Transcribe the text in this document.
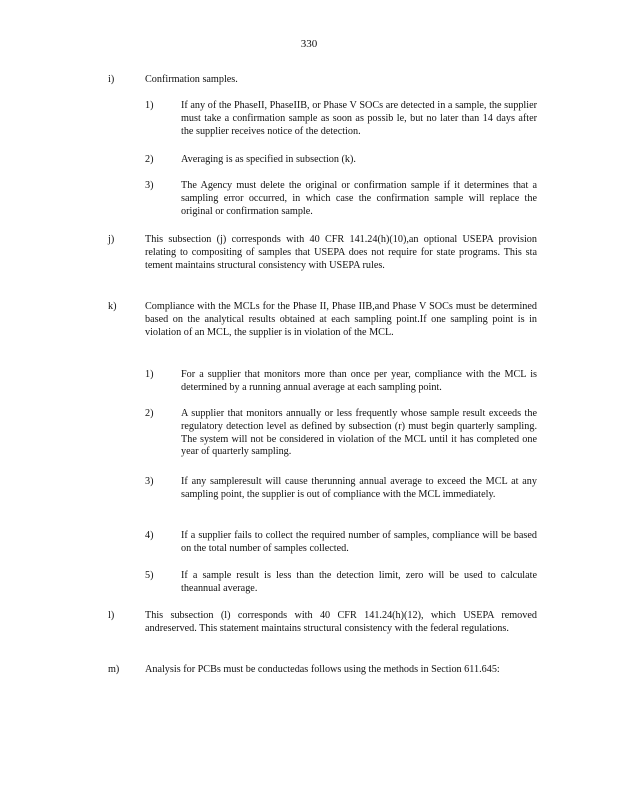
330
i)	Confirmation samples.
1)	If any of the PhaseII, PhaseIIB, or Phase V SOCs are detected in a sample, the supplier must take a confirmation sample as soon as possib le, but no later than 14 days after the supplier receives notice of the detection.
2)	Averaging is as specified in subsection (k).
3)	The Agency must delete the original or confirmation sample if it determines that a sampling error occurred, in which case the confirmation sample will replace the original or confirmation sample.
j)	This subsection (j) corresponds with 40 CFR 141.24(h)(10),an optional USEPA provision relating to compositing of samples that USEPA does not require for state programs. This sta tement maintains structural consistency with USEPA rules.
k)	Compliance with the MCLs for the Phase II, Phase IIB,and Phase V SOCs must be determined based on the analytical results obtained at each sampling point.If one sampling point is in violation of an MCL, the supplier is in violation of the MCL.
1)	For a supplier that monitors more than once per year, compliance with the MCL is determined by a running annual average at each sampling point.
2)	A supplier that monitors annually or less frequently whose sample result exceeds the regulatory detection level as defined by subsection (r) must begin quarterly sampling. The system will not be considered in violation of the MCL until it has completed one year of quarterly sampling.
3)	If any sampleresult will cause therunning annual average to exceed the MCL at any sampling point, the supplier is out of compliance with the MCL immediately.
4)	If a supplier fails to collect the required number of samples, compliance will be based on the total number of samples collected.
5)	If a sample result is less than the detection limit, zero will be used to calculate theannual average.
l)	This subsection (l) corresponds with 40 CFR 141.24(h)(12), which USEPA removed andreserved. This statement maintains structural consistency with the federal regulations.
m)	Analysis for PCBs must be conductedas follows using the methods in Section 611.645:
